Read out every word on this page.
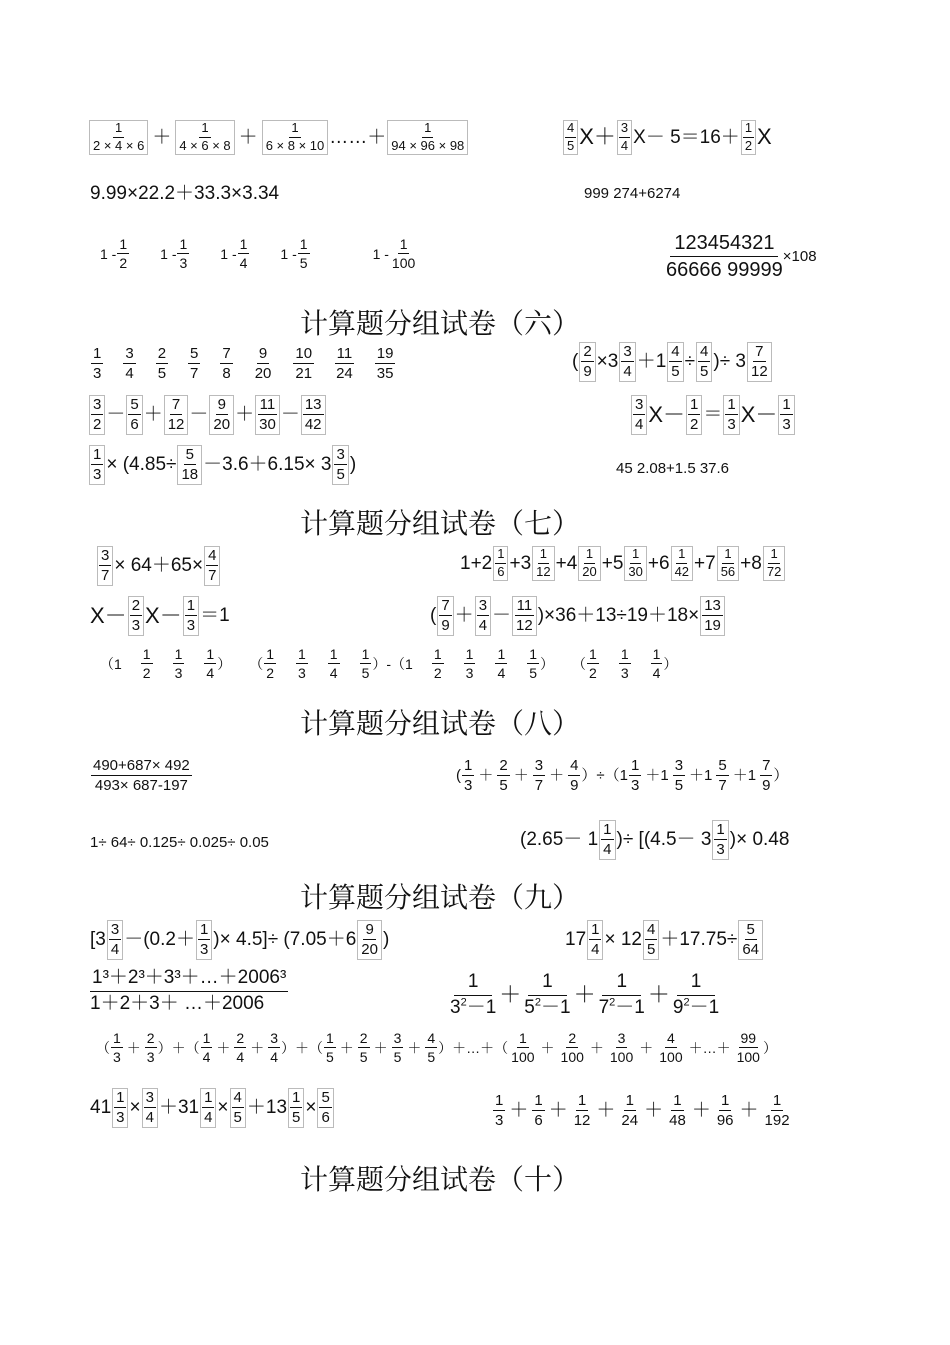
$\frac{1}{2 \times 4 \times 6} + \frac{1}{4 \times 6 \times 8} + \frac{1}{6 \times 8 \times 10}$ …… ＋ $\frac{1}{94 \times 96 \times 98}$	$\frac{4}{5} X+ \frac{3}{4} X- 5=16+ \frac{1}{2}$ X
9.99×22.2＋33.3×3.34	999 274+6274
$1 - \frac{1}{2} 1 - \frac{1}{3} 1 - \frac{1}{4} 1 - \frac{1}{5}$	$1 - \frac{1}{100}$	$\frac{123454321}{66666 99999} \times 108$
计算题分组试卷（六）
$\frac{1}{3} \frac{3}{4} \frac{2}{5} \frac{5}{7} \frac{7}{8} \frac{9}{20} \frac{10}{21} \frac{11}{24} \frac{19}{35}$	( $\frac{2}{9} \times 3 \frac{3}{4} +1 \frac{4}{5} \div \frac{4}{5}$ )÷ $3 \frac{7}{12}$
$\frac{3}{2} - \frac{5}{6} + \frac{7}{12} - \frac{9}{20} + \frac{11}{30} - \frac{13}{42}$	$\frac{3}{4} X- \frac{1}{2} = \frac{1}{3} X- \frac{1}{3}$
$\frac{1}{3} \times (4.85\div \frac{5}{18} -3.6+6.15\times 3 \frac{3}{5}$ )	45 2.08+1.5 37.6
计算题分组试卷（七）
$\frac{3}{7} \times 64+65\times \frac{4}{7}$	$1+2 \frac{1}{6} +3 \frac{1}{12} +4 \frac{1}{20} +5 \frac{1}{30} +6 \frac{1}{42} +7 \frac{1}{56} +8 \frac{1}{72}$
$X- \frac{2}{3} X- \frac{1}{3} =1$	( $\frac{7}{9} + \frac{3}{4} - \frac{11}{12} )\times 36+13\div 19+18\times \frac{13}{19}$
（$1 \frac{1}{2} \frac{1}{3} \frac{1}{4}$ ） （ $\frac{1}{2} \frac{1}{3} \frac{1}{4} \frac{1}{5}$ ）- （$1 \frac{1}{2} \frac{1}{3} \frac{1}{4} \frac{1}{5}$ ） （ $\frac{1}{2} \frac{1}{3} \frac{1}{4}$ ）
计算题分组试卷（八）
$\frac{490+687\times 492}{493\times 687-197}$	( $\frac{1}{3} + \frac{2}{5} + \frac{3}{7} + \frac{4}{9} )\div(1 \frac{1}{3} +1 \frac{3}{5} +1 \frac{5}{7} +1 \frac{7}{9}$ ）
1÷ 64÷ 0.125÷ 0.025÷ 0.05	($2.65- 1 \frac{1}{4}$ )÷ [($4.5- 3 \frac{1}{3}$ )× 0.48
计算题分组试卷（九）
[$3 \frac{3}{4} -(0.2+ \frac{1}{3}$ )× $4.5]\div (7.05+6 \frac{9}{20}$ )	$17 \frac{1}{4} \times 12 \frac{4}{5} +17.75\div \frac{5}{64}$
$\frac{\text{1³＋2³＋3³＋…＋2006³}}{1+2+3+ \dots+2006}$	$\frac{1}{3^2-1} + \frac{1}{5^2-1} + \frac{1}{7^2-1} + \frac{1}{9^2-1}$
（ $\frac{1}{3} + \frac{2}{3}$ ）＋（ $\frac{1}{4} + \frac{2}{4} + \frac{3}{4}$ ）＋（ $\frac{1}{5} + \frac{2}{5} + \frac{3}{5} + \frac{4}{5}$ ）＋…＋（ $\frac{1}{100} + \frac{2}{100} + \frac{3}{100} + \frac{4}{100}$ ＋…＋ $\frac{99}{100}$ ）
$41 \frac{1}{3} \times \frac{3}{4} +31 \frac{1}{4} \times \frac{4}{5} +13 \frac{1}{5} \times \frac{5}{6}$	$\frac{1}{3} + \frac{1}{6} + \frac{1}{12} + \frac{1}{24} + \frac{1}{48} + \frac{1}{96} + \frac{1}{192}$
计算题分组试卷（十）
